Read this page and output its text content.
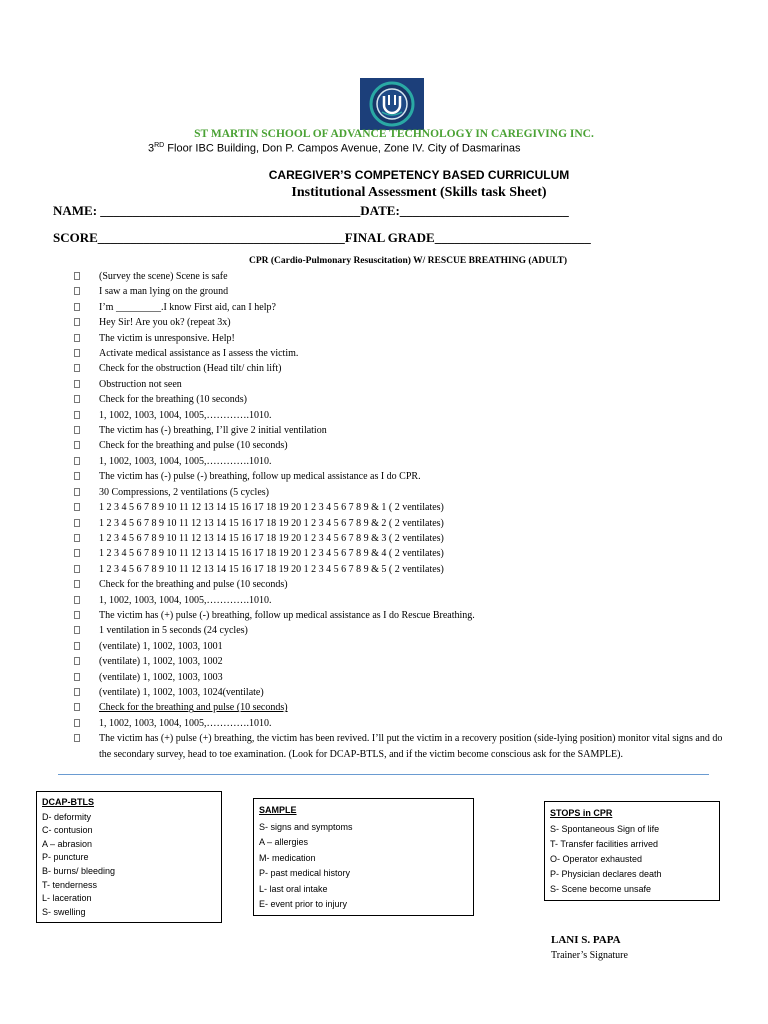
ST MARTIN SCHOOL OF ADVANCE TECHNOLOGY IN CAREGIVING INC.
3RD Floor IBC Building, Don P. Campos Avenue, Zone IV. City of Dasmarinas
CAREGIVER’S COMPETENCY BASED CURRICULUM
Institutional Assessment (Skills task Sheet)
NAME: ________________________________________DATE:__________________________
SCORE______________________________________FINAL GRADE________________________
CPR (Cardio-Pulmonary Resuscitation) W/ RESCUE BREATHING (ADULT)
(Survey the scene) Scene is safe
I saw a man lying on the ground
I’m _________.I know First aid, can I help?
Hey Sir! Are you ok? (repeat 3x)
The victim is unresponsive. Help!
Activate medical assistance as I assess the victim.
Check for the obstruction (Head tilt/ chin lift)
Obstruction not seen
Check for the breathing (10 seconds)
1, 1002, 1003, 1004, 1005,………….1010.
The victim has (-) breathing, I’ll give 2 initial ventilation
Check for the breathing and pulse (10 seconds)
1, 1002, 1003, 1004, 1005,………….1010.
The victim has (-) pulse (-) breathing, follow up medical assistance as I do CPR.
30 Compressions, 2 ventilations (5 cycles)
1 2 3 4 5 6 7 8 9 10 11 12 13 14 15 16 17 18 19 20 1 2 3 4 5 6 7 8 9 & 1 ( 2 ventilates)
1 2 3 4 5 6 7 8 9 10 11 12 13 14 15 16 17 18 19 20 1 2 3 4 5 6 7 8 9 & 2 ( 2 ventilates)
1 2 3 4 5 6 7 8 9 10 11 12 13 14 15 16 17 18 19 20 1 2 3 4 5 6 7 8 9 & 3 ( 2 ventilates)
1 2 3 4 5 6 7 8 9 10 11 12 13 14 15 16 17 18 19 20 1 2 3 4 5 6 7 8 9 & 4 ( 2 ventilates)
1 2 3 4 5 6 7 8 9 10 11 12 13 14 15 16 17 18 19 20 1 2 3 4 5 6 7 8 9 & 5 ( 2 ventilates)
Check for the breathing and pulse (10 seconds)
1, 1002, 1003, 1004, 1005,………….1010.
The victim has (+) pulse (-) breathing, follow up medical assistance as I do Rescue Breathing.
1 ventilation in 5 seconds (24 cycles)
(ventilate) 1, 1002, 1003, 1001
(ventilate) 1, 1002, 1003, 1002
(ventilate) 1, 1002, 1003, 1003
(ventilate) 1, 1002, 1003, 1024(ventilate)
Check for the breathing and pulse (10 seconds)
1, 1002, 1003, 1004, 1005,………….1010.
The victim has (+) pulse (+) breathing, the victim has been revived. I’ll put the victim in a recovery position (side-lying position) monitor vital signs and do the secondary survey, head to toe examination. (Look for DCAP-BTLS, and if the victim become conscious ask for the SAMPLE).
DCAP-BTLS
D- deformity
C- contusion
A – abrasion
P- puncture
B- burns/ bleeding
T- tenderness
L- laceration
S- swelling
SAMPLE
S- signs and symptoms
A – allergies
M- medication
P- past medical history
L- last oral intake
E- event prior to injury
STOPS in CPR
S- Spontaneous Sign of life
T- Transfer facilities arrived
O- Operator exhausted
P- Physician declares death
S- Scene become unsafe
LANI S. PAPA
Trainer’s Signature
